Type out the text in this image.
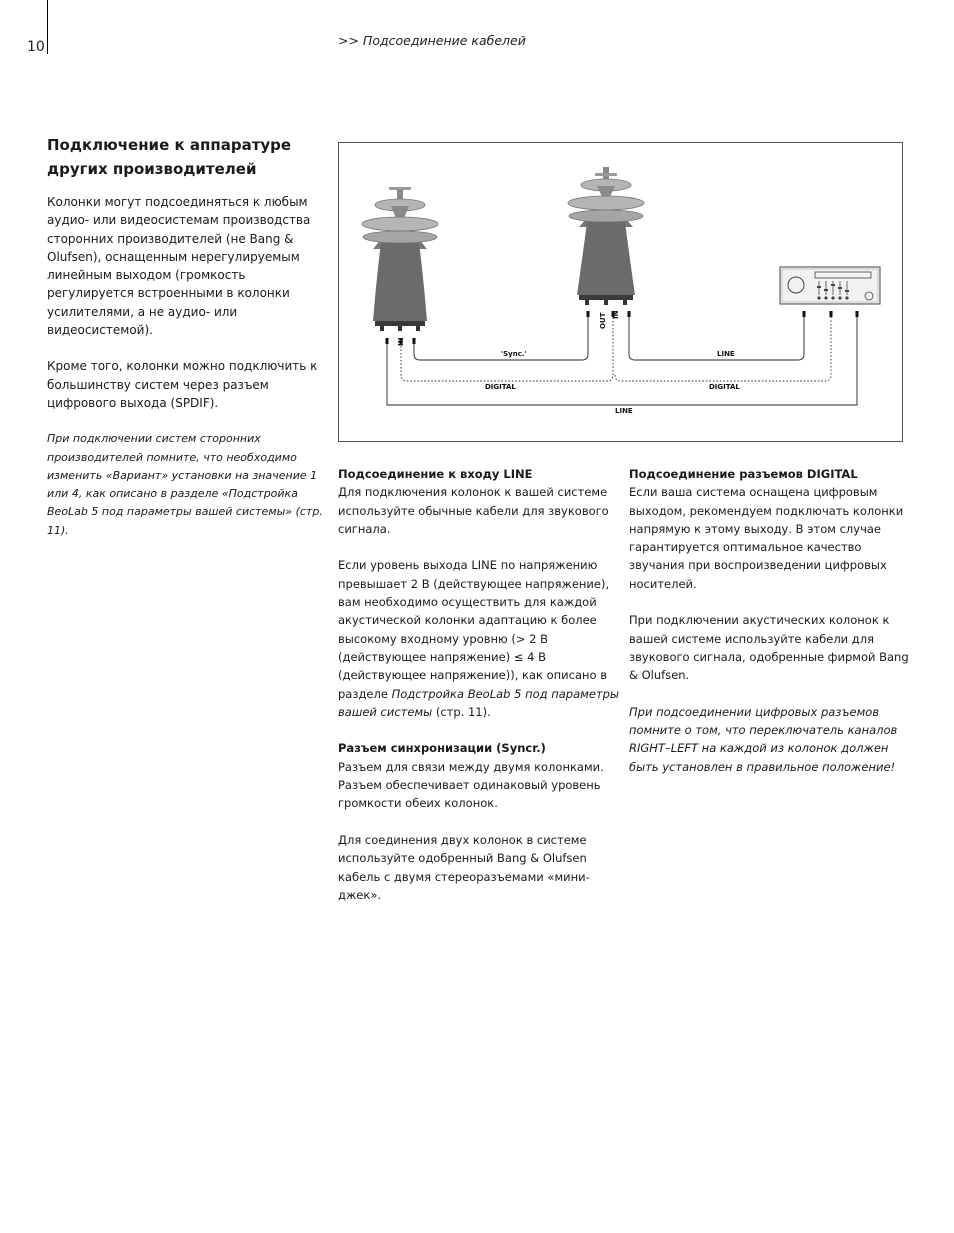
10	>> Подсоединение кабелей
Подключение к аппаратуре других производителей

Колонки могут подсоединяться к любым аудио- или видеосистемам производства сторонних производителей (не Bang & Olufsen), оснащенным нерегулируемым линейным выходом (громкость регулируется встроенными в колонки усилителями, а не аудио- или видеосистемой).

Кроме того, колонки можно подключить к большинству систем через разъем цифрового выхода (SPDIF).

При подключении систем сторонних производителей помните, что необходимо изменить «Вариант» установки на значение 1 или 4, как описано в разделе «Подстройка BeoLab 5 под параметры вашей системы» (стр. 11).

IN
OUT IN
'Sync.'	LINE
DIGITAL	DIGITAL
LINE

Подсоединение к входу LINE

Для подключения колонок к вашей системе используйте обычные кабели для звукового сигнала.

Если уровень выхода LINE по напряжению превышает 2 В (действующее напряжение), вам необходимо осуществить для каждой акустической колонки адаптацию к более высокому входному уровню (> 2 В (действующее напряжение) ≤ 4 В (действующее напряжение)), как описано в разделе Подстройка BeoLab 5 под параметры вашей системы (стр. 11).

Разъем синхронизации (Syncr.)

Разъем для связи между двумя колонками. Разъем обеспечивает одинаковый уровень громкости обеих колонок.

Для соединения двух колонок в системе используйте одобренный Bang & Olufsen кабель с двумя стереоразъемами «мини-джек».

Подсоединение разъемов DIGITAL

Если ваша система оснащена цифровым выходом, рекомендуем подключать колонки напрямую к этому выходу. В этом случае гарантируется оптимальное качество звучания при воспроизведении цифровых носителей.

При подключении акустических колонок к вашей системе используйте кабели для звукового сигнала, одобренные фирмой Bang & Olufsen.

При подсоединении цифровых разъемов помните о том, что переключатель каналов RIGHT–LEFT на каждой из колонок должен быть установлен в правильное положение!
